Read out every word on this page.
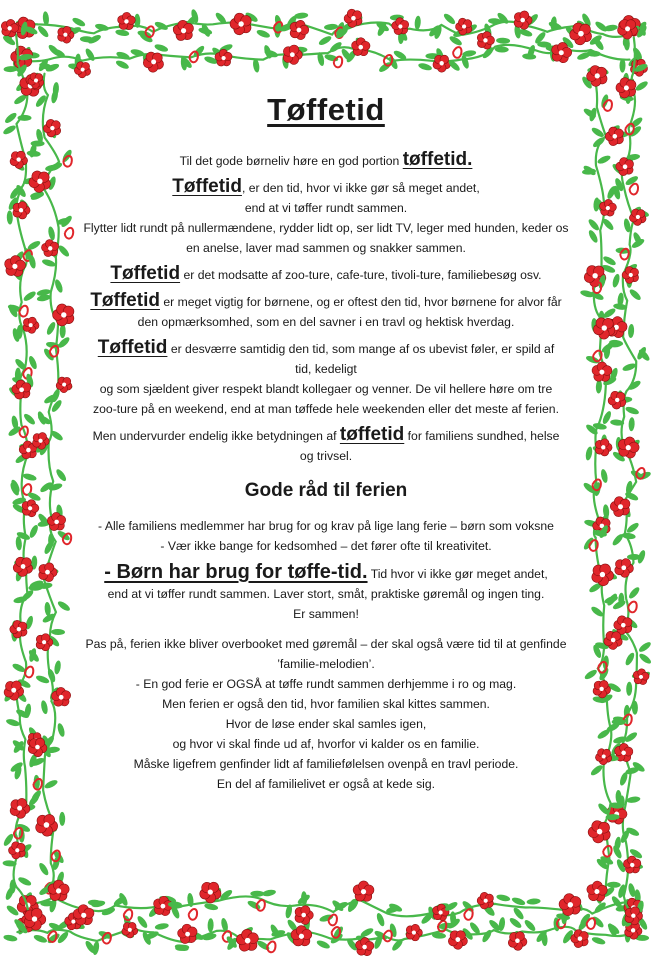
Tøffetid

Til det gode børneliv høre en god portion tøffetid.

Tøffetid, er den tid, hvor vi ikke gør så meget andet,

end at vi tøffer rundt sammen.

Flytter lidt rundt på nullermændene, rydder lidt op, ser lidt TV, leger med hunden, keder os

en anelse, laver mad sammen og snakker sammen.

Tøffetid er det modsatte af zoo-ture, cafe-ture, tivoli-ture, familiebesøg osv.

Tøffetid er meget vigtig for børnene, og er oftest den tid, hvor børnene for alvor får

den opmærksomhed, som en del savner i en travl og hektisk hverdag.

Tøffetid er desværre samtidig den tid, som mange af os ubevist føler, er spild af

tid, kedeligt

og som sjældent giver respekt blandt kollegaer og venner. De vil hellere høre om tre

zoo-ture på en weekend, end at man tøffede hele weekenden eller det meste af ferien.

Men undervurder endelig ikke betydningen af tøffetid for familiens sundhed, helse

og trivsel.

Gode råd til ferien

- Alle familiens medlemmer har brug for og krav på lige lang ferie – børn som voksne

- Vær ikke bange for kedsomhed – det fører ofte til kreativitet.

- Børn har brug for tøffe-tid. Tid hvor vi ikke gør meget andet,

end at vi tøffer rundt sammen. Laver stort, småt, praktiske gøremål og ingen ting.

Er sammen!

Pas på, ferien ikke bliver overbooket med gøremål – der skal også være tid til at genfinde

’familie-melodien’.

- En god ferie er OGSÅ at tøffe rundt sammen derhjemme i ro og mag.

Men ferien er også den tid, hvor familien skal kittes sammen.

Hvor de løse ender skal samles igen,

og hvor vi skal finde ud af, hvorfor vi kalder os en familie.

Måske ligefrem genfinder lidt af familiefølelsen ovenpå en travl periode.

En del af familielivet er også at kede sig.
